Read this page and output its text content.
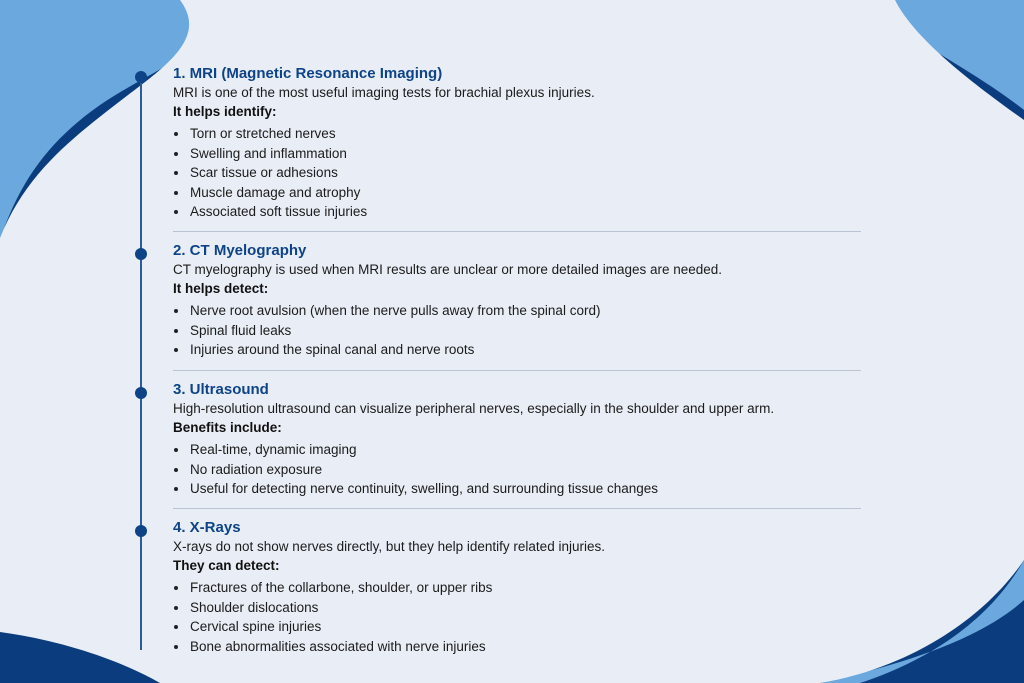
1. MRI (Magnetic Resonance Imaging)

MRI is one of the most useful imaging tests for brachial plexus injuries.

It helps identify:

Torn or stretched nerves
Swelling and inflammation
Scar tissue or adhesions
Muscle damage and atrophy
Associated soft tissue injuries
2. CT Myelography

CT myelography is used when MRI results are unclear or more detailed images are needed.

It helps detect:

Nerve root avulsion (when the nerve pulls away from the spinal cord)
Spinal fluid leaks
Injuries around the spinal canal and nerve roots
3. Ultrasound

High-resolution ultrasound can visualize peripheral nerves, especially in the shoulder and upper arm.

Benefits include:

Real-time, dynamic imaging
No radiation exposure
Useful for detecting nerve continuity, swelling, and surrounding tissue changes
4. X-Rays

X-rays do not show nerves directly, but they help identify related injuries.

They can detect:

Fractures of the collarbone, shoulder, or upper ribs
Shoulder dislocations
Cervical spine injuries
Bone abnormalities associated with nerve injuries
